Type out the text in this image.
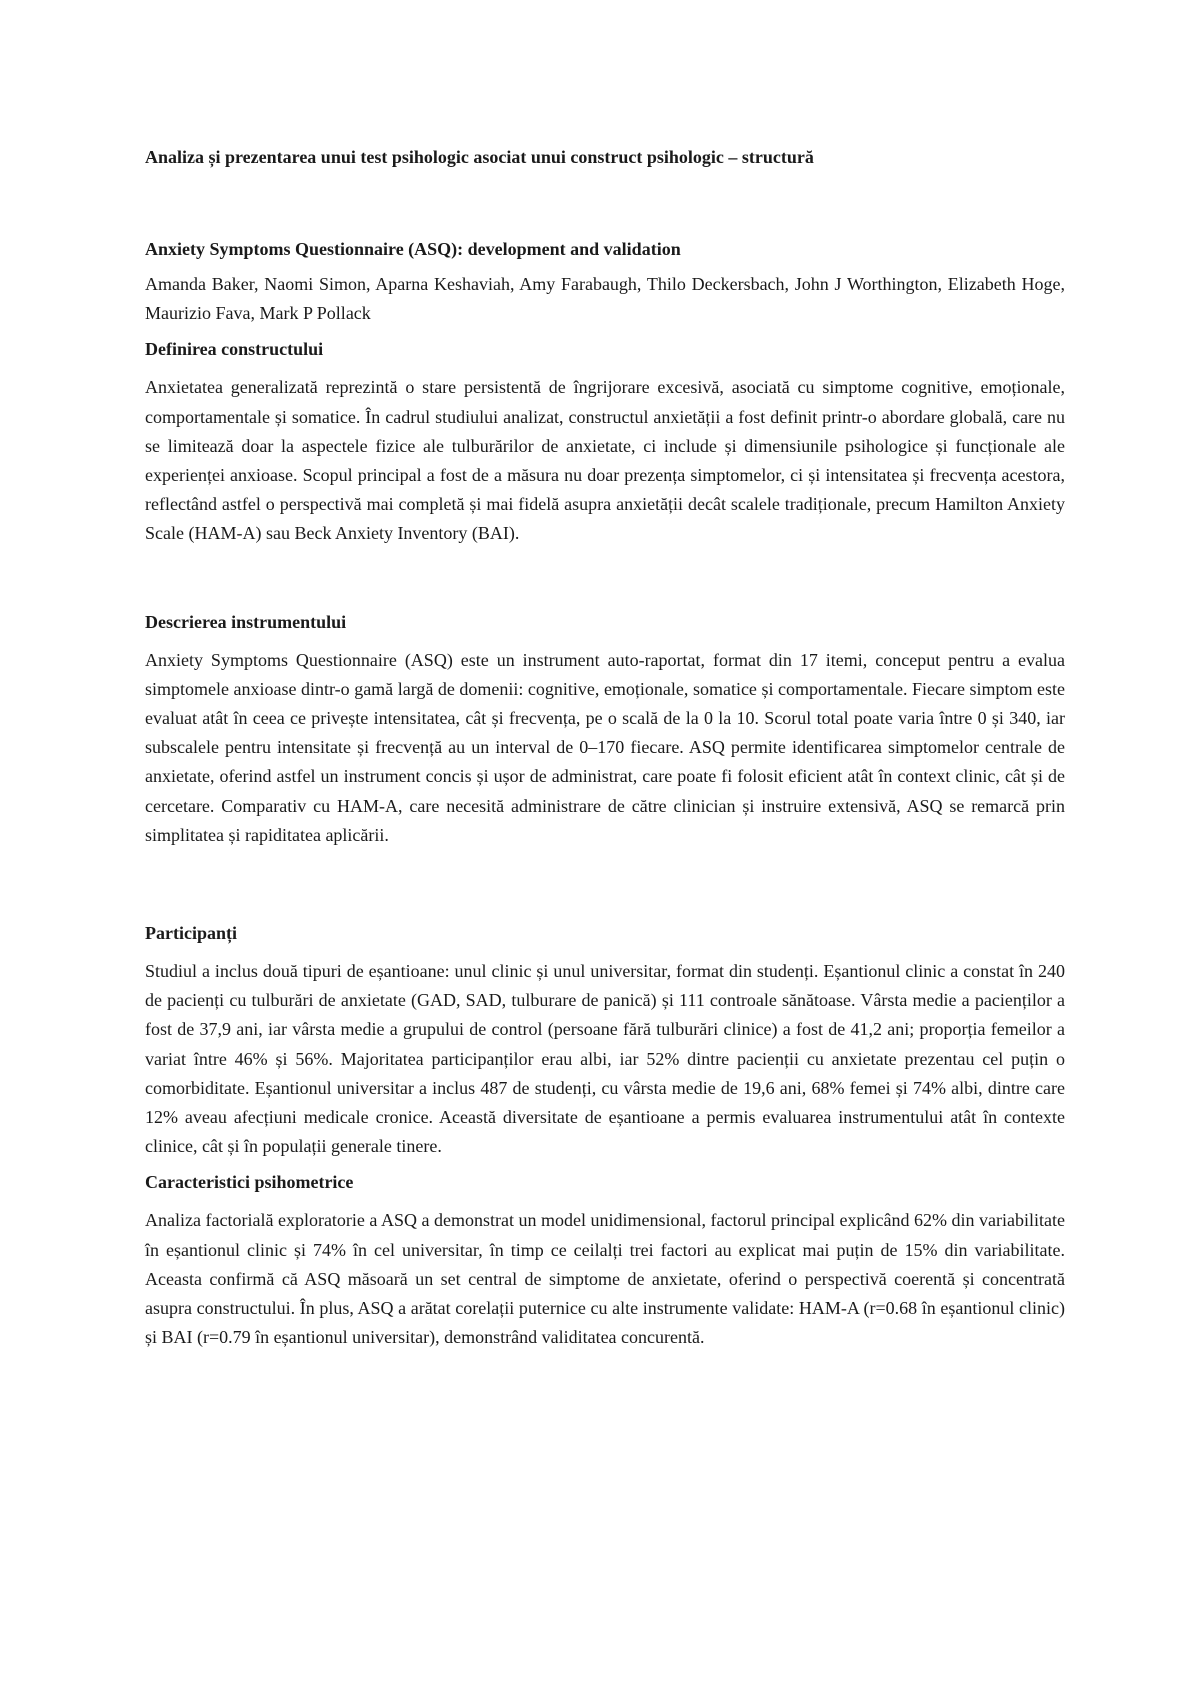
Analiza și prezentarea unui test psihologic asociat unui construct psihologic – structură
Anxiety Symptoms Questionnaire (ASQ): development and validation

Amanda Baker, Naomi Simon, Aparna Keshaviah, Amy Farabaugh, Thilo Deckersbach, John J Worthington, Elizabeth Hoge, Maurizio Fava, Mark P Pollack

Definirea constructului

Anxietatea generalizată reprezintă o stare persistentă de îngrijorare excesivă, asociată cu simptome cognitive, emoționale, comportamentale și somatice. În cadrul studiului analizat, constructul anxietății a fost definit printr-o abordare globală, care nu se limitează doar la aspectele fizice ale tulburărilor de anxietate, ci include și dimensiunile psihologice și funcționale ale experienței anxioase. Scopul principal a fost de a măsura nu doar prezența simptomelor, ci și intensitatea și frecvența acestora, reflectând astfel o perspectivă mai completă și mai fidelă asupra anxietății decât scalele tradiționale, precum Hamilton Anxiety Scale (HAM-A) sau Beck Anxiety Inventory (BAI).

Descrierea instrumentului

Anxiety Symptoms Questionnaire (ASQ) este un instrument auto-raportat, format din 17 itemi, conceput pentru a evalua simptomele anxioase dintr-o gamă largă de domenii: cognitive, emoționale, somatice și comportamentale. Fiecare simptom este evaluat atât în ceea ce privește intensitatea, cât și frecvența, pe o scală de la 0 la 10. Scorul total poate varia între 0 și 340, iar subscalele pentru intensitate și frecvență au un interval de 0–170 fiecare. ASQ permite identificarea simptomelor centrale de anxietate, oferind astfel un instrument concis și ușor de administrat, care poate fi folosit eficient atât în context clinic, cât și de cercetare. Comparativ cu HAM-A, care necesită administrare de către clinician și instruire extensivă, ASQ se remarcă prin simplitatea și rapiditatea aplicării.

Participanți

Studiul a inclus două tipuri de eșantioane: unul clinic și unul universitar, format din studenți. Eșantionul clinic a constat în 240 de pacienți cu tulburări de anxietate (GAD, SAD, tulburare de panică) și 111 controale sănătoase. Vârsta medie a pacienților a fost de 37,9 ani, iar vârsta medie a grupului de control (persoane fără tulburări clinice) a fost de 41,2 ani; proporția femeilor a variat între 46% și 56%. Majoritatea participanților erau albi, iar 52% dintre pacienții cu anxietate prezentau cel puțin o comorbiditate. Eșantionul universitar a inclus 487 de studenți, cu vârsta medie de 19,6 ani, 68% femei și 74% albi, dintre care 12% aveau afecțiuni medicale cronice. Această diversitate de eșantioane a permis evaluarea instrumentului atât în contexte clinice, cât și în populații generale tinere.

Caracteristici psihometrice

Analiza factorială exploratorie a ASQ a demonstrat un model unidimensional, factorul principal explicând 62% din variabilitate în eșantionul clinic și 74% în cel universitar, în timp ce ceilalți trei factori au explicat mai puțin de 15% din variabilitate. Aceasta confirmă că ASQ măsoară un set central de simptome de anxietate, oferind o perspectivă coerentă și concentrată asupra constructului. În plus, ASQ a arătat corelații puternice cu alte instrumente validate: HAM-A (r=0.68 în eșantionul clinic) și BAI (r=0.79 în eșantionul universitar), demonstrând validitatea concurentă.
